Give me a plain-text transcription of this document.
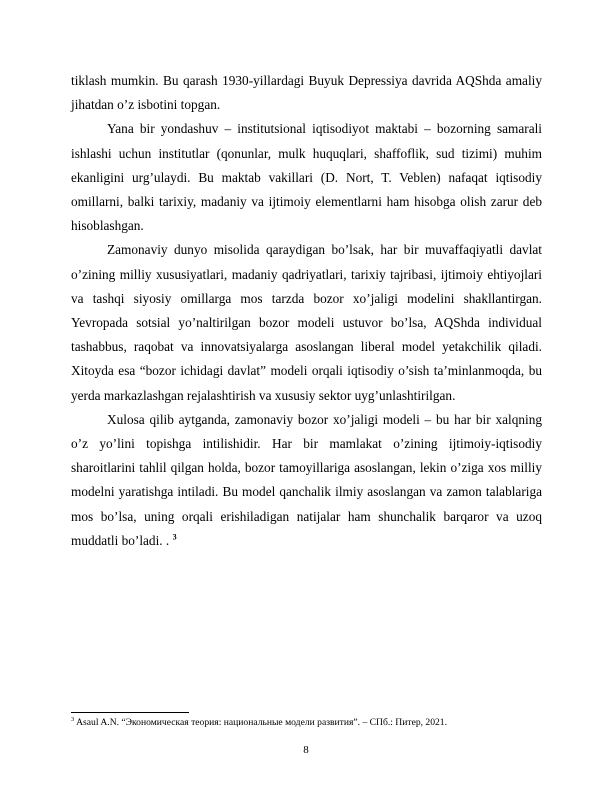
tiklash mumkin. Bu qarash 1930-yillardagi Buyuk Depressiya davrida AQShda amaliy jihatdan o’z isbotini topgan.

Yana bir yondashuv – institutsional iqtisodiyot maktabi – bozorning samarali ishlashi uchun institutlar (qonunlar, mulk huquqlari, shaffoflik, sud tizimi) muhim ekanligini urg’ulaydi. Bu maktab vakillari (D. Nort, T. Veblen) nafaqat iqtisodiy omillarni, balki tarixiy, madaniy va ijtimoiy elementlarni ham hisobga olish zarur deb hisoblashgan.

Zamonaviy dunyo misolida qaraydigan bo’lsak, har bir muvaffaqiyatli davlat o’zining milliy xususiyatlari, madaniy qadriyatlari, tarixiy tajribasi, ijtimoiy ehtiyojlari va tashqi siyosiy omillarga mos tarzda bozor xo’jaligi modelini shakllantirgan. Yevropada sotsial yo’naltirilgan bozor modeli ustuvor bo’lsa, AQShda individual tashabbus, raqobat va innovatsiyalarga asoslangan liberal model yetakchilik qiladi. Xitoyda esa “bozor ichidagi davlat” modeli orqali iqtisodiy o’sish ta’minlanmoqda, bu yerda markazlashgan rejalashtirish va xususiy sektor uyg’unlashtirilgan.

Xulosa qilib aytganda, zamonaviy bozor xo’jaligi modeli – bu har bir xalqning o’z yo’lini topishga intilishidir. Har bir mamlakat o’zining ijtimoiy-iqtisodiy sharoitlarini tahlil qilgan holda, bozor tamoyillariga asoslangan, lekin o’ziga xos milliy modelni yaratishga intiladi. Bu model qanchalik ilmiy asoslangan va zamon talablariga mos bo’lsa, uning orqali erishiladigan natijalar ham shunchalik barqaror va uzoq muddatli bo’ladi. . $^3$

$^3$ Asaul A.N. “Экономическая теория: национальные модели развития”. – СПб.: Питер, 2021.
8
